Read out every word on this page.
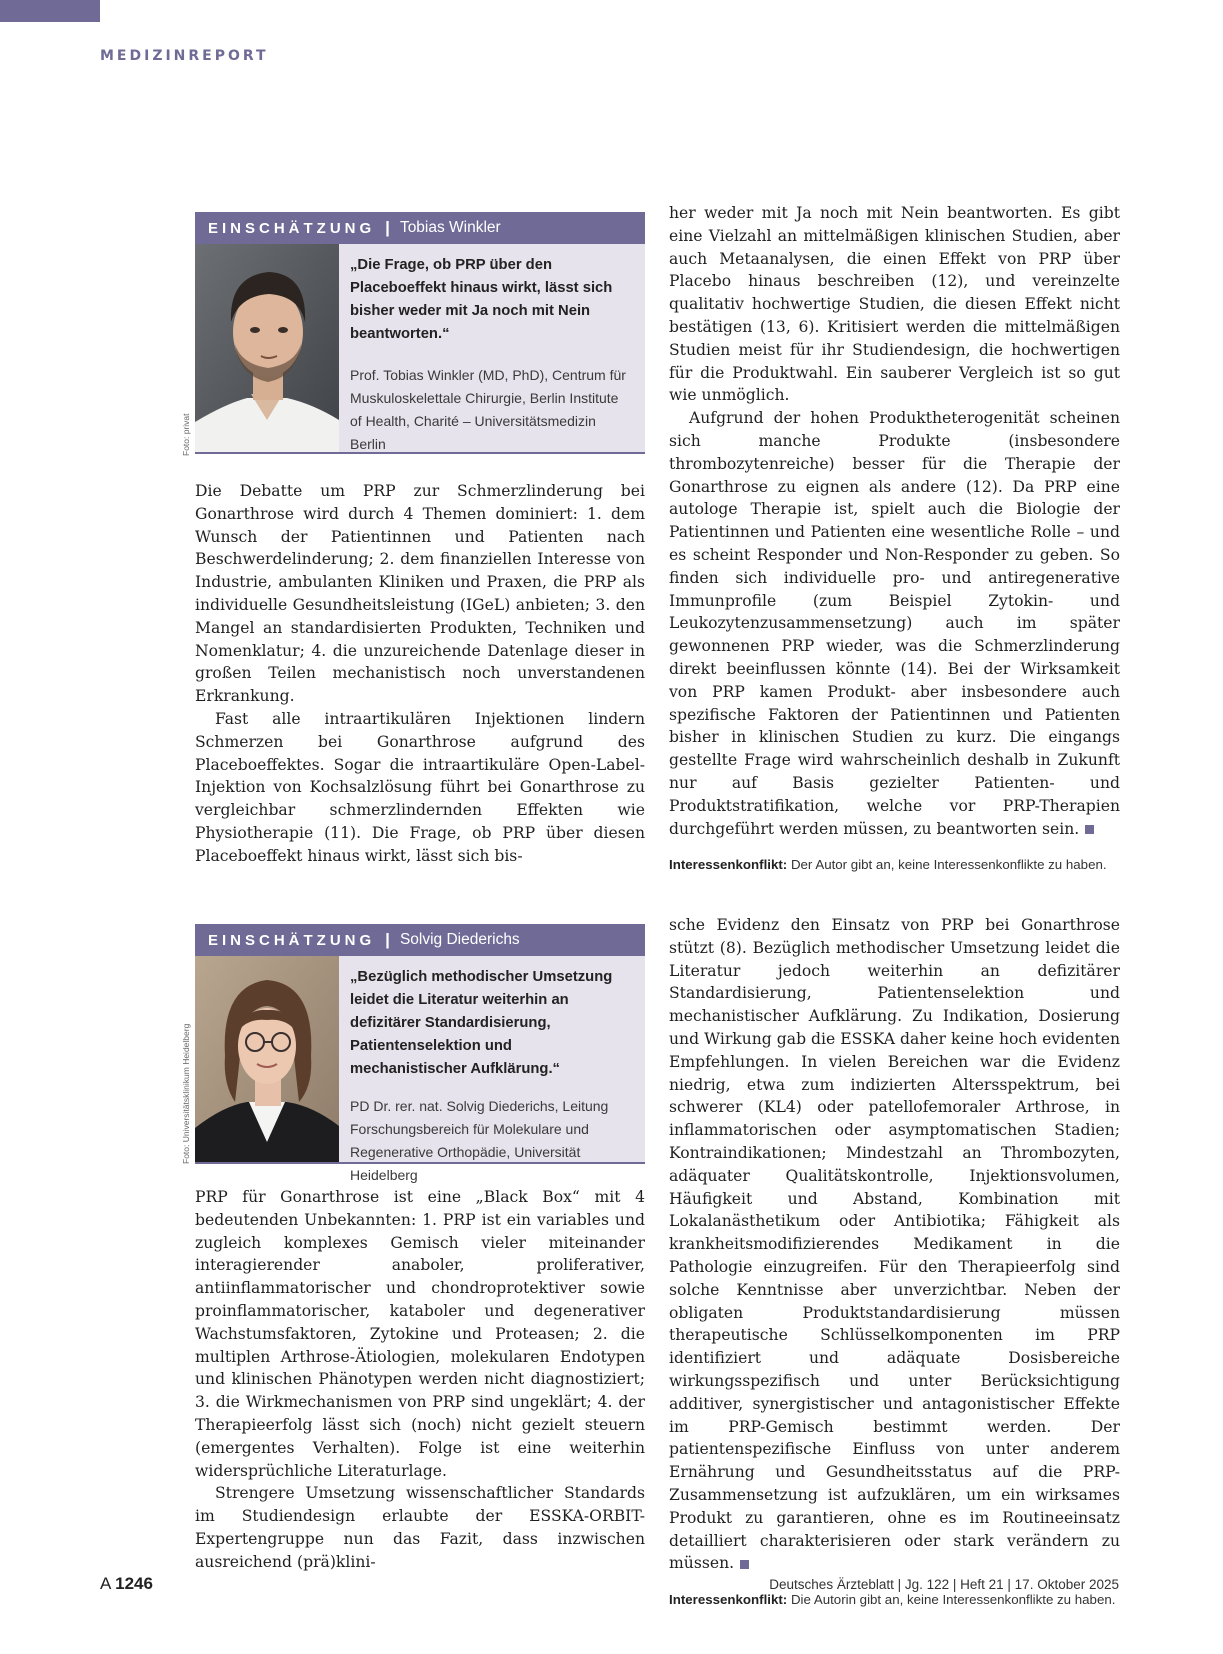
MEDIZINREPORT
EINSCHÄTZUNG | Tobias Winkler

„Die Frage, ob PRP über den Placeboeffekt hinaus wirkt, lässt sich bisher weder mit Ja noch mit Nein beantworten.“

Prof. Tobias Winkler (MD, PhD), Centrum für Muskuloskelettale Chirurgie, Berlin Institute of Health, Charité – Universitätsmedizin Berlin

Die Debatte um PRP zur Schmerzlinderung bei Gonarthrose wird durch 4 Themen dominiert: 1. dem Wunsch der Patientinnen und Patienten nach Beschwerdelinderung; 2. dem finanziellen Interesse von Industrie, ambulanten Kliniken und Praxen, die PRP als individuelle Gesundheitsleistung (IGeL) anbieten; 3. den Mangel an standardisierten Produkten, Techniken und Nomenklatur; 4. die unzureichende Datenlage dieser in großen Teilen mechanistisch noch unverstandenen Erkrankung.

Fast alle intraartikulären Injektionen lindern Schmerzen bei Gonarthrose aufgrund des Placeboeffektes. Sogar die intraartikuläre Open-Label-Injektion von Kochsalzlösung führt bei Gonarthrose zu vergleichbar schmerzlindernden Effekten wie Physiotherapie (11). Die Frage, ob PRP über diesen Placeboeffekt hinaus wirkt, lässt sich bis-

Foto: privat

her weder mit Ja noch mit Nein beantworten. Es gibt eine Vielzahl an mittelmäßigen klinischen Studien, aber auch Metaanalysen, die einen Effekt von PRP über Placebo hinaus beschreiben (12), und vereinzelte qualitativ hochwertige Studien, die diesen Effekt nicht bestätigen (13, 6). Kritisiert werden die mittelmäßigen Studien meist für ihr Studiendesign, die hochwertigen für die Produktwahl. Ein sauberer Vergleich ist so gut wie unmöglich.

Aufgrund der hohen Produktheterogenität scheinen sich manche Produkte (insbesondere thrombozytenreiche) besser für die Therapie der Gonarthrose zu eignen als andere (12). Da PRP eine autologe Therapie ist, spielt auch die Biologie der Patientinnen und Patienten eine wesentliche Rolle – und es scheint Responder und Non-Responder zu geben. So finden sich individuelle pro- und antiregenerative Immunprofile (zum Beispiel Zytokin- und Leukozytenzusammensetzung) auch im später gewonnenen PRP wieder, was die Schmerzlinderung direkt beeinflussen könnte (14). Bei der Wirksamkeit von PRP kamen Produkt- aber insbesondere auch spezifische Faktoren der Patientinnen und Patienten bisher in klinischen Studien zu kurz. Die eingangs gestellte Frage wird wahrscheinlich deshalb in Zukunft nur auf Basis gezielter Patienten- und Produktstratifikation, welche vor PRP-Therapien durchgeführt werden müssen, zu beantworten sein.

Interessenkonflikt: Der Autor gibt an, keine Interessenkonflikte zu haben.
EINSCHÄTZUNG | Solvig Diederichs

„Bezüglich methodischer Umsetzung leidet die Literatur weiterhin an defizitärer Standardisierung, Patientenselektion und mechanistischer Aufklärung.“

PD Dr. rer. nat. Solvig Diederichs, Leitung Forschungsbereich für Molekulare und Regenerative Orthopädie, Universität Heidelberg

PRP für Gonarthrose ist eine „Black Box“ mit 4 bedeutenden Unbekannten: 1. PRP ist ein variables und zugleich komplexes Gemisch vieler miteinander interagierender anaboler, proliferativer, antiinflammatorischer und chondroprotektiver sowie proinflammatorischer, kataboler und degenerativer Wachstumsfaktoren, Zytokine und Proteasen; 2. die multiplen Arthrose-Ätiologien, molekularen Endotypen und klinischen Phänotypen werden nicht diagnostiziert; 3. die Wirkmechanismen von PRP sind ungeklärt; 4. der Therapieerfolg lässt sich (noch) nicht gezielt steuern (emergentes Verhalten). Folge ist eine weiterhin widersprüchliche Literaturlage.

Strengere Umsetzung wissenschaftlicher Standards im Studiendesign erlaubte der ESSKA-ORBIT-Expertengruppe nun das Fazit, dass inzwischen ausreichend (prä)klini-

Foto: Universitätsklinikum Heidelberg

sche Evidenz den Einsatz von PRP bei Gonarthrose stützt (8). Bezüglich methodischer Umsetzung leidet die Literatur jedoch weiterhin an defizitärer Standardisierung, Patientenselektion und mechanistischer Aufklärung. Zu Indikation, Dosierung und Wirkung gab die ESSKA daher keine hoch evidenten Empfehlungen. In vielen Bereichen war die Evidenz niedrig, etwa zum indizierten Altersspektrum, bei schwerer (KL4) oder patellofemoraler Arthrose, in inflammatorischen oder asymptomatischen Stadien; Kontraindikationen; Mindestzahl an Thrombozyten, adäquater Qualitätskontrolle, Injektionsvolumen, Häufigkeit und Abstand, Kombination mit Lokalanästhetikum oder Antibiotika; Fähigkeit als krankheitsmodifizierendes Medikament in die Pathologie einzugreifen. Für den Therapieerfolg sind solche Kenntnisse aber unverzichtbar. Neben der obligaten Produktstandardisierung müssen therapeutische Schlüsselkomponenten im PRP identifiziert und adäquate Dosisbereiche wirkungsspezifisch und unter Berücksichtigung additiver, synergistischer und antagonistischer Effekte im PRP-Gemisch bestimmt werden. Der patientenspezifische Einfluss von unter anderem Ernährung und Gesundheitsstatus auf die PRP-Zusammensetzung ist aufzuklären, um ein wirksames Produkt zu garantieren, ohne es im Routineeinsatz detailliert charakterisieren oder stark verändern zu müssen.

Interessenkonflikt: Die Autorin gibt an, keine Interessenkonflikte zu haben.
A 1246	Deutsches Ärzteblatt | Jg. 122 | Heft 21 | 17. Oktober 2025
